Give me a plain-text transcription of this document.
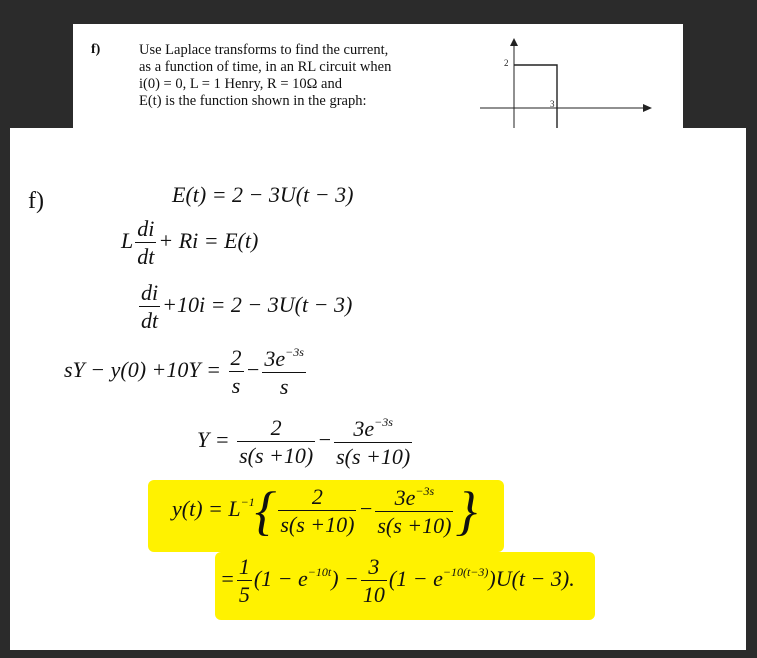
f)	Use Laplace transforms to find the current,
as a function of time, in an RL circuit when
i(0) = 0, L = 1 Henry, R = 10Ω and
E(t) is the function shown in the graph:
2
3
f)	E(t) = 2 − 3U(t − 3)
L $\frac{di}{dt} + Ri = E(t)$
$\frac{di}{dt} +10i = 2 - 3U(t - 3)$
sY − $y(0) +10Y = \frac{2}{s} - \frac{3e^{-3s}}{s}$
$Y = \frac{2}{s(s +10)} - \frac{3e^{-3s}}{s(s +10)}$
$y(t) = L^{-1}\{ \frac{2}{s(s +10)} - \frac{3e^{-3s}}{s(s +10)}$ }
= $\frac{1}{5} (1 - e^{-10t}) - \frac{3}{10} (1 - e^{-10(t-3)})U(t - 3)$.
